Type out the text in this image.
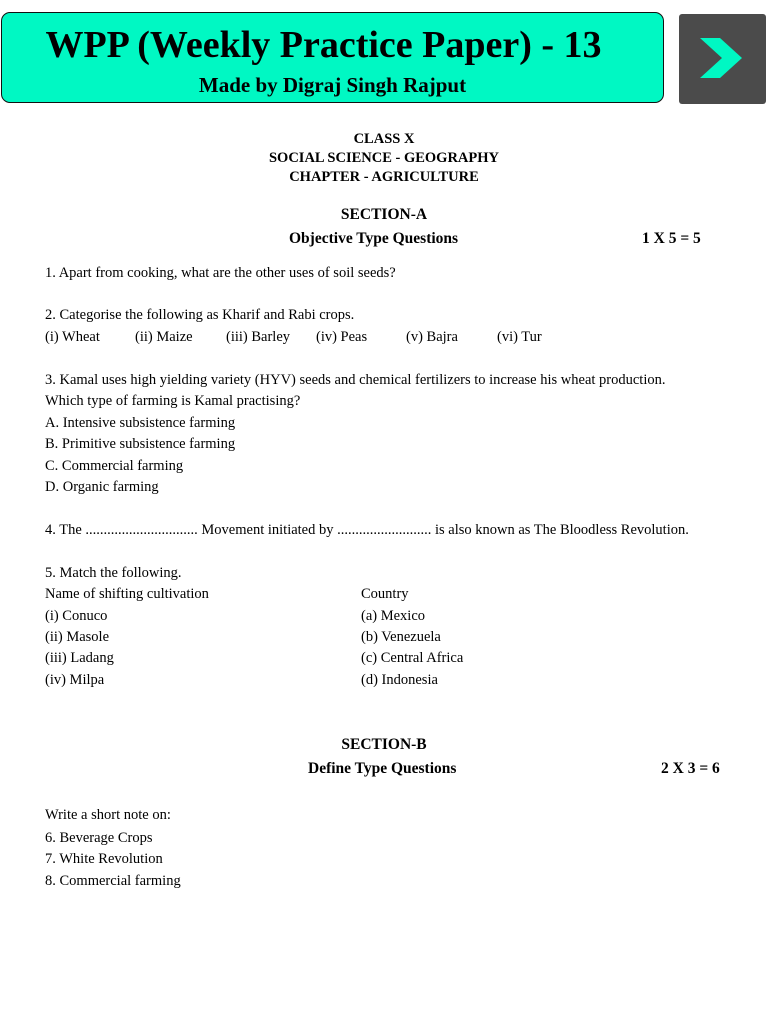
WPP (Weekly Practice Paper) - 13
Made by Digraj Singh Rajput
CLASS X
SOCIAL SCIENCE - GEOGRAPHY
CHAPTER - AGRICULTURE
SECTION-A
Objective Type Questions	1 X 5 = 5
1. Apart from cooking, what are the other uses of soil seeds?
2. Categorise the following as Kharif and Rabi crops.
(i) Wheat (ii) Maize (iii) Barley (iv) Peas	(v) Bajra	(vi) Tur
3. Kamal uses high yielding variety (HYV) seeds and chemical fertilizers to increase his wheat production.
Which type of farming is Kamal practising?
A. Intensive subsistence farming
B. Primitive subsistence farming
C. Commercial farming
D. Organic farming
4. The ............................... Movement initiated by .......................... is also known as The Bloodless Revolution.
5. Match the following.
Name of shifting cultivation	Country
(i) Conuco	(a) Mexico
(ii) Masole	(b) Venezuela
(iii) Ladang	(c) Central Africa
(iv) Milpa	(d) Indonesia
SECTION-B
Define Type Questions	2 X 3 = 6
Write a short note on:
6. Beverage Crops
7. White Revolution
8. Commercial farming
